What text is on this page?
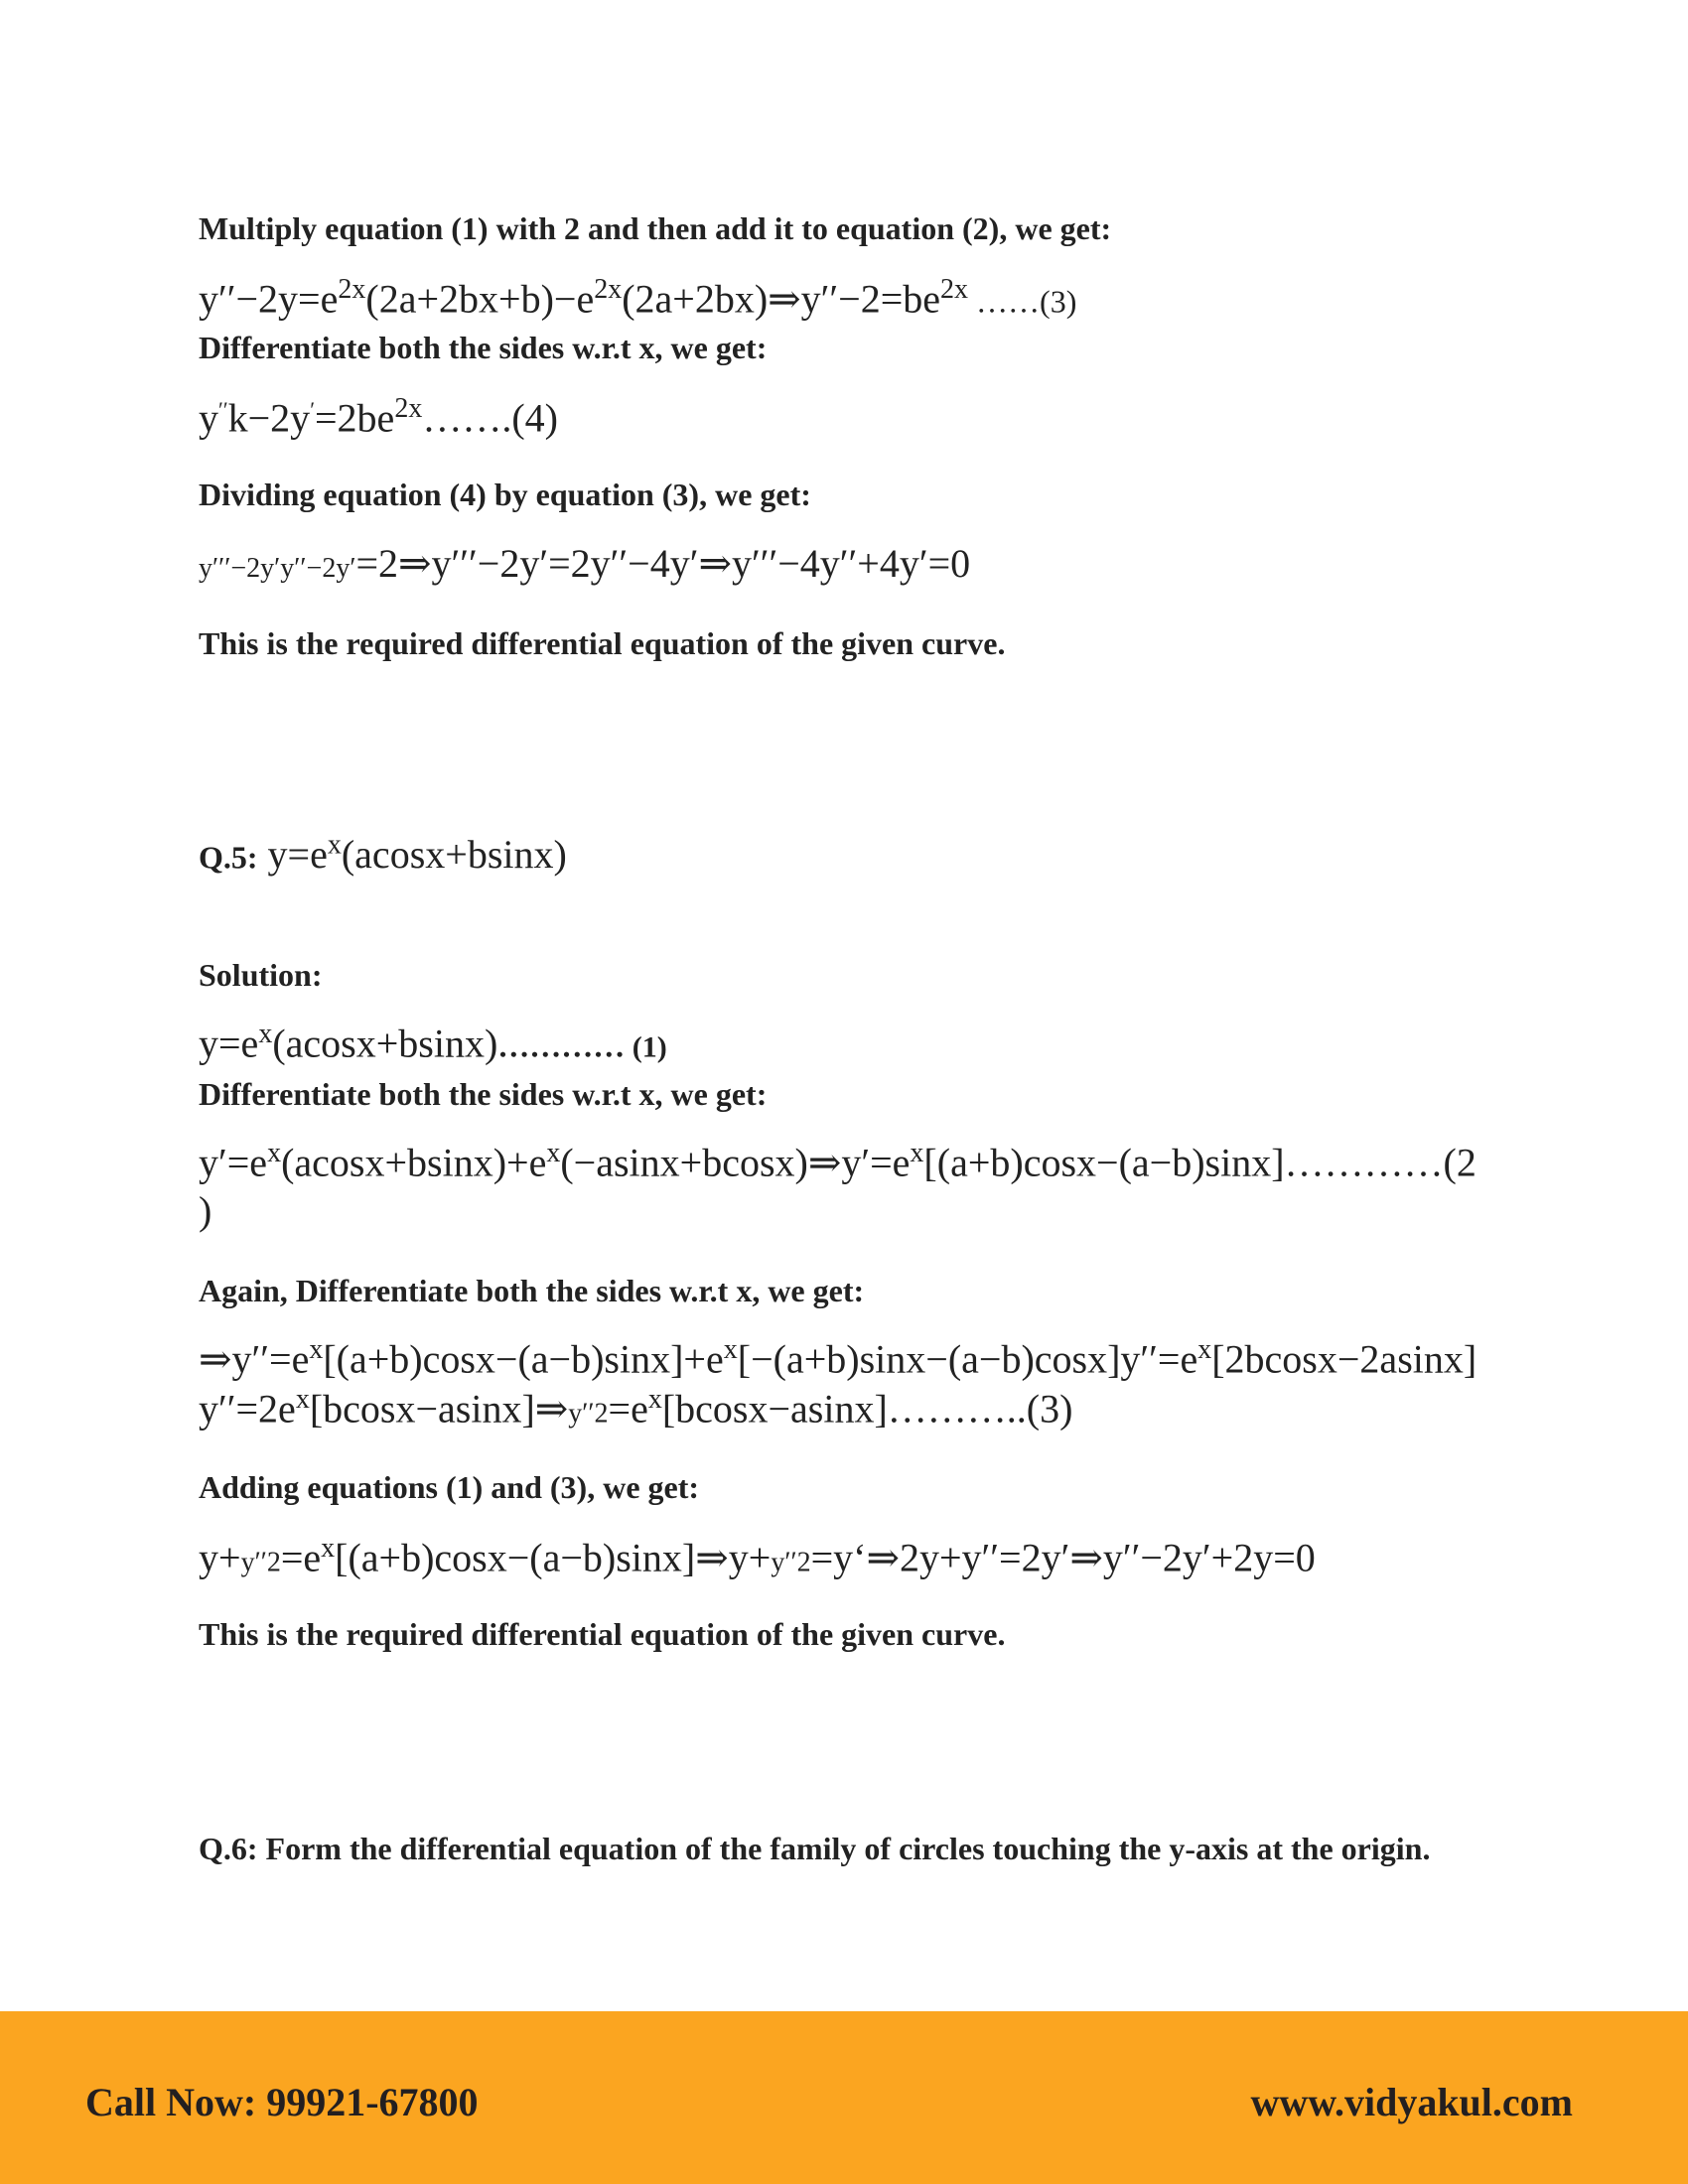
Multiply equation (1) with 2 and then add it to equation (2), we get:
$y''-2y=e^{2x}(2a+2bx+b)-e^{2x}(2a+2bx)\Rightarrow y''-2=be^{2x}$ ……(3)
Differentiate both the sides w.r.t x, we get:
$y''k-2y'=2be^{2x}\dots\dots.(4)$
Dividing equation (4) by equation (3), we get:
y′′′−2y′y′′−2y′=2⇒y′′′−2y′=2y′′−4y′⇒y′′′−4y′′+4y′=0
This is the required differential equation of the given curve.
Q.5: $y=e^x(acosx+bsinx)$
Solution:
$y=e^x(acosx+bsinx)\dots\dots\dots\dots$ (1)
Differentiate both the sides w.r.t x, we get:
$y'=e^x(acosx+bsinx)+e^x(-asinx+bcosx)\Rightarrow y'=e^x[(a+b)\cos x-(a-b)\sin x]\dots\dots\dots\dots(2$
)
Again, Differentiate both the sides w.r.t x, we get:
$\Rightarrow y''=e^x[(a+b)\cos x-(a-b)\sin x]+e^x[-(a+b)\sin x-(a-b)\cos x]y''=e^x[2bcosx-2asinx]$
$y''=2e^x[bcosx-asinx]\Rightarrow y''2=e^x[bcosx-asinx]\dots\dots\dots..(3)$
Adding equations (1) and (3), we get:
$y+y''2=e^x[(a+b)\cos x-(a-b)\sin x]\Rightarrow y+y''2=y‘\Rightarrow 2y+y''=2y'\Rightarrow y''-2y'+2y=0$
This is the required differential equation of the given curve.
Q.6: Form the differential equation of the family of circles touching the y-axis at the origin.
Call Now: 99921-67800	www.vidyakul.com
